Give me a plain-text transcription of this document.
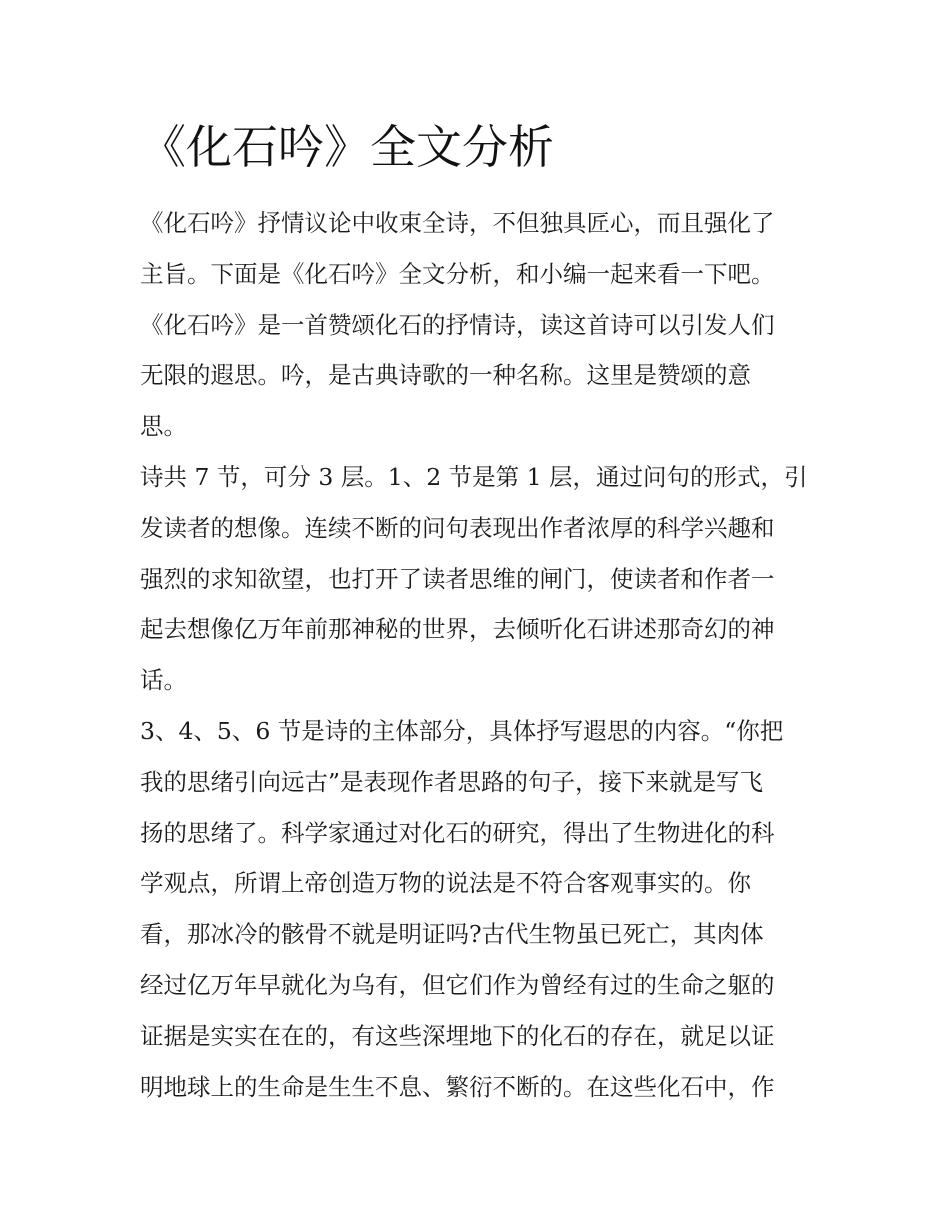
《化石吟》全文分析
《化石吟》抒情议论中收束全诗，不但独具匠心，而且强化了
主旨。下面是《化石吟》全文分析，和小编一起来看一下吧。
《化石吟》是一首赞颂化石的抒情诗，读这首诗可以引发人们
无限的遐思。吟，是古典诗歌的一种名称。这里是赞颂的意
思。
诗共 7 节，可分 3 层。1、2 节是第 1 层，通过问句的形式，引
发读者的想像。连续不断的问句表现出作者浓厚的科学兴趣和
强烈的求知欲望，也打开了读者思维的闸门，使读者和作者一
起去想像亿万年前那神秘的世界，去倾听化石讲述那奇幻的神
话。
3、4、5、6 节是诗的主体部分，具体抒写遐思的内容。“你把
我的思绪引向远古”是表现作者思路的句子，接下来就是写飞
扬的思绪了。科学家通过对化石的研究，得出了生物进化的科
学观点，所谓上帝创造万物的说法是不符合客观事实的。你
看，那冰冷的骸骨不就是明证吗?古代生物虽已死亡，其肉体
经过亿万年早就化为乌有，但它们作为曾经有过的生命之躯的
证据是实实在在的，有这些深埋地下的化石的存在，就足以证
明地球上的生命是生生不息、繁衍不断的。在这些化石中，作
